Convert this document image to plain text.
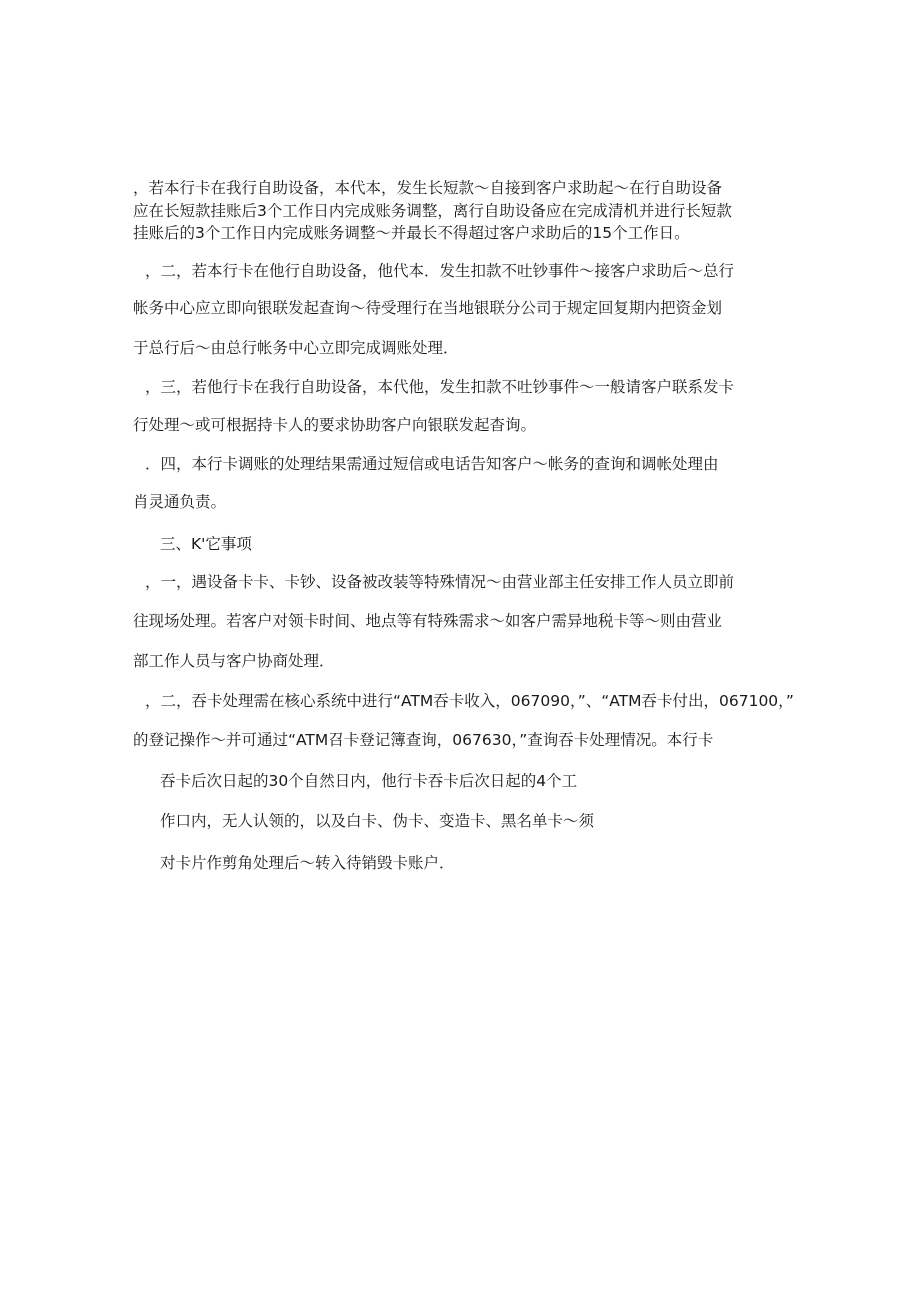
，若本行卡在我行自助设备，本代本，发生长短款～自接到客户求助起～在行自助设备
应在长短款挂账后3个工作日内完成账务调整，离行自助设备应在完成清机并进行长短款
挂账后的3个工作日内完成账务调整～并最长不得超过客户求助后的15个工作日。
，二，若本行卡在他行自助设备，他代本．发生扣款不吐钞事件～接客户求助后～总行
帐务中心应立即向银联发起查询～待受理行在当地银联分公司于规定回复期内把资金划
于总行后～由总行帐务中心立即完成调账处理．
，三，若他行卡在我行自助设备，本代他，发生扣款不吐钞事件～一般请客户联系发卡
行处理～或可根据持卡人的要求协助客户向银联发起杳询。
．四，本行卡调账的处理结果需通过短信或电话告知客户～帐务的查询和调帐处理由
肖灵通负责。
三、K'它事项
，一，遇设备卡卡、卡钞、设备被改装等特殊情况～由营业部主任安排工作人员立即前
往现场处理。若客户对领卡时间、地点等有特殊需求～如客户需异地税卡等～则由营业
部工作人员与客户协商处理．
，二，吞卡处理需在核心系统中进行“ATM吞卡收入，067090，”、“ATM吞卡付出，067100，”
的登记操作～并可通过“ATM召卡登记簿查询，067630，”查询吞卡处理情况。本行卡
吞卡后次日起的30个自然日内，他行卡吞卡后次日起的4个工
作口内，无人认领的，以及白卡、伪卡、变造卡、黑名单卡～须
对卡片作剪角处理后～转入待销毁卡账户．
